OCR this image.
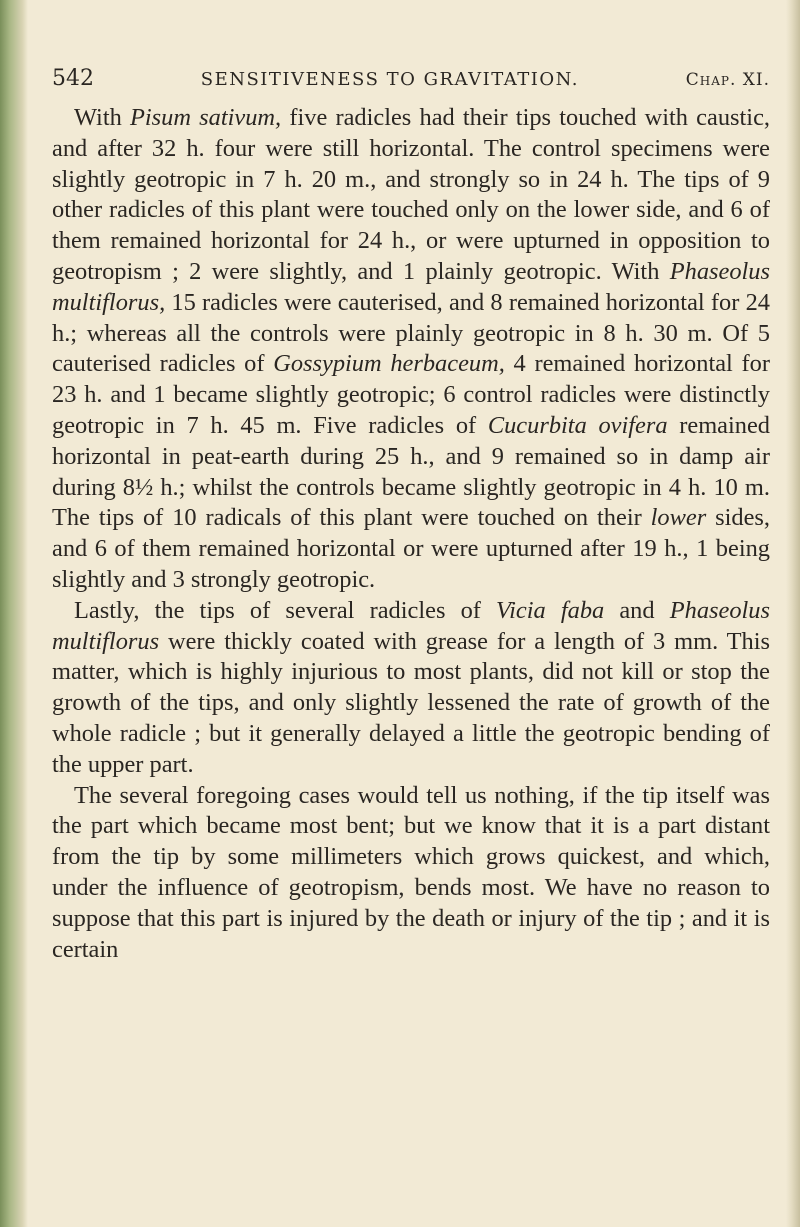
542	SENSITIVENESS TO GRAVITATION.	Chap. XI.

With Pisum sativum, five radicles had their tips touched with caustic, and after 32 h. four were still horizontal. The control specimens were slightly geotropic in 7 h. 20 m., and strongly so in 24 h. The tips of 9 other radicles of this plant were touched only on the lower side, and 6 of them remained horizontal for 24 h., or were upturned in opposition to geotropism ; 2 were slightly, and 1 plainly geotropic. With Phaseolus multiflorus, 15 radicles were cauterised, and 8 remained horizontal for 24 h.; whereas all the controls were plainly geotropic in 8 h. 30 m. Of 5 cauterised radicles of Gossypium herbaceum, 4 remained horizontal for 23 h. and 1 became slightly geotropic; 6 control radicles were distinctly geotropic in 7 h. 45 m. Five radicles of Cucurbita ovifera remained horizontal in peat-earth during 25 h., and 9 remained so in damp air during 8½ h.; whilst the controls became slightly geotropic in 4 h. 10 m. The tips of 10 radicals of this plant were touched on their lower sides, and 6 of them remained horizontal or were upturned after 19 h., 1 being slightly and 3 strongly geotropic.

Lastly, the tips of several radicles of Vicia faba and Phaseolus multiflorus were thickly coated with grease for a length of 3 mm. This matter, which is highly injurious to most plants, did not kill or stop the growth of the tips, and only slightly lessened the rate of growth of the whole radicle ; but it generally delayed a little the geotropic bending of the upper part.

The several foregoing cases would tell us nothing, if the tip itself was the part which became most bent; but we know that it is a part distant from the tip by some millimeters which grows quickest, and which, under the influence of geotropism, bends most. We have no reason to suppose that this part is injured by the death or injury of the tip ; and it is certain
